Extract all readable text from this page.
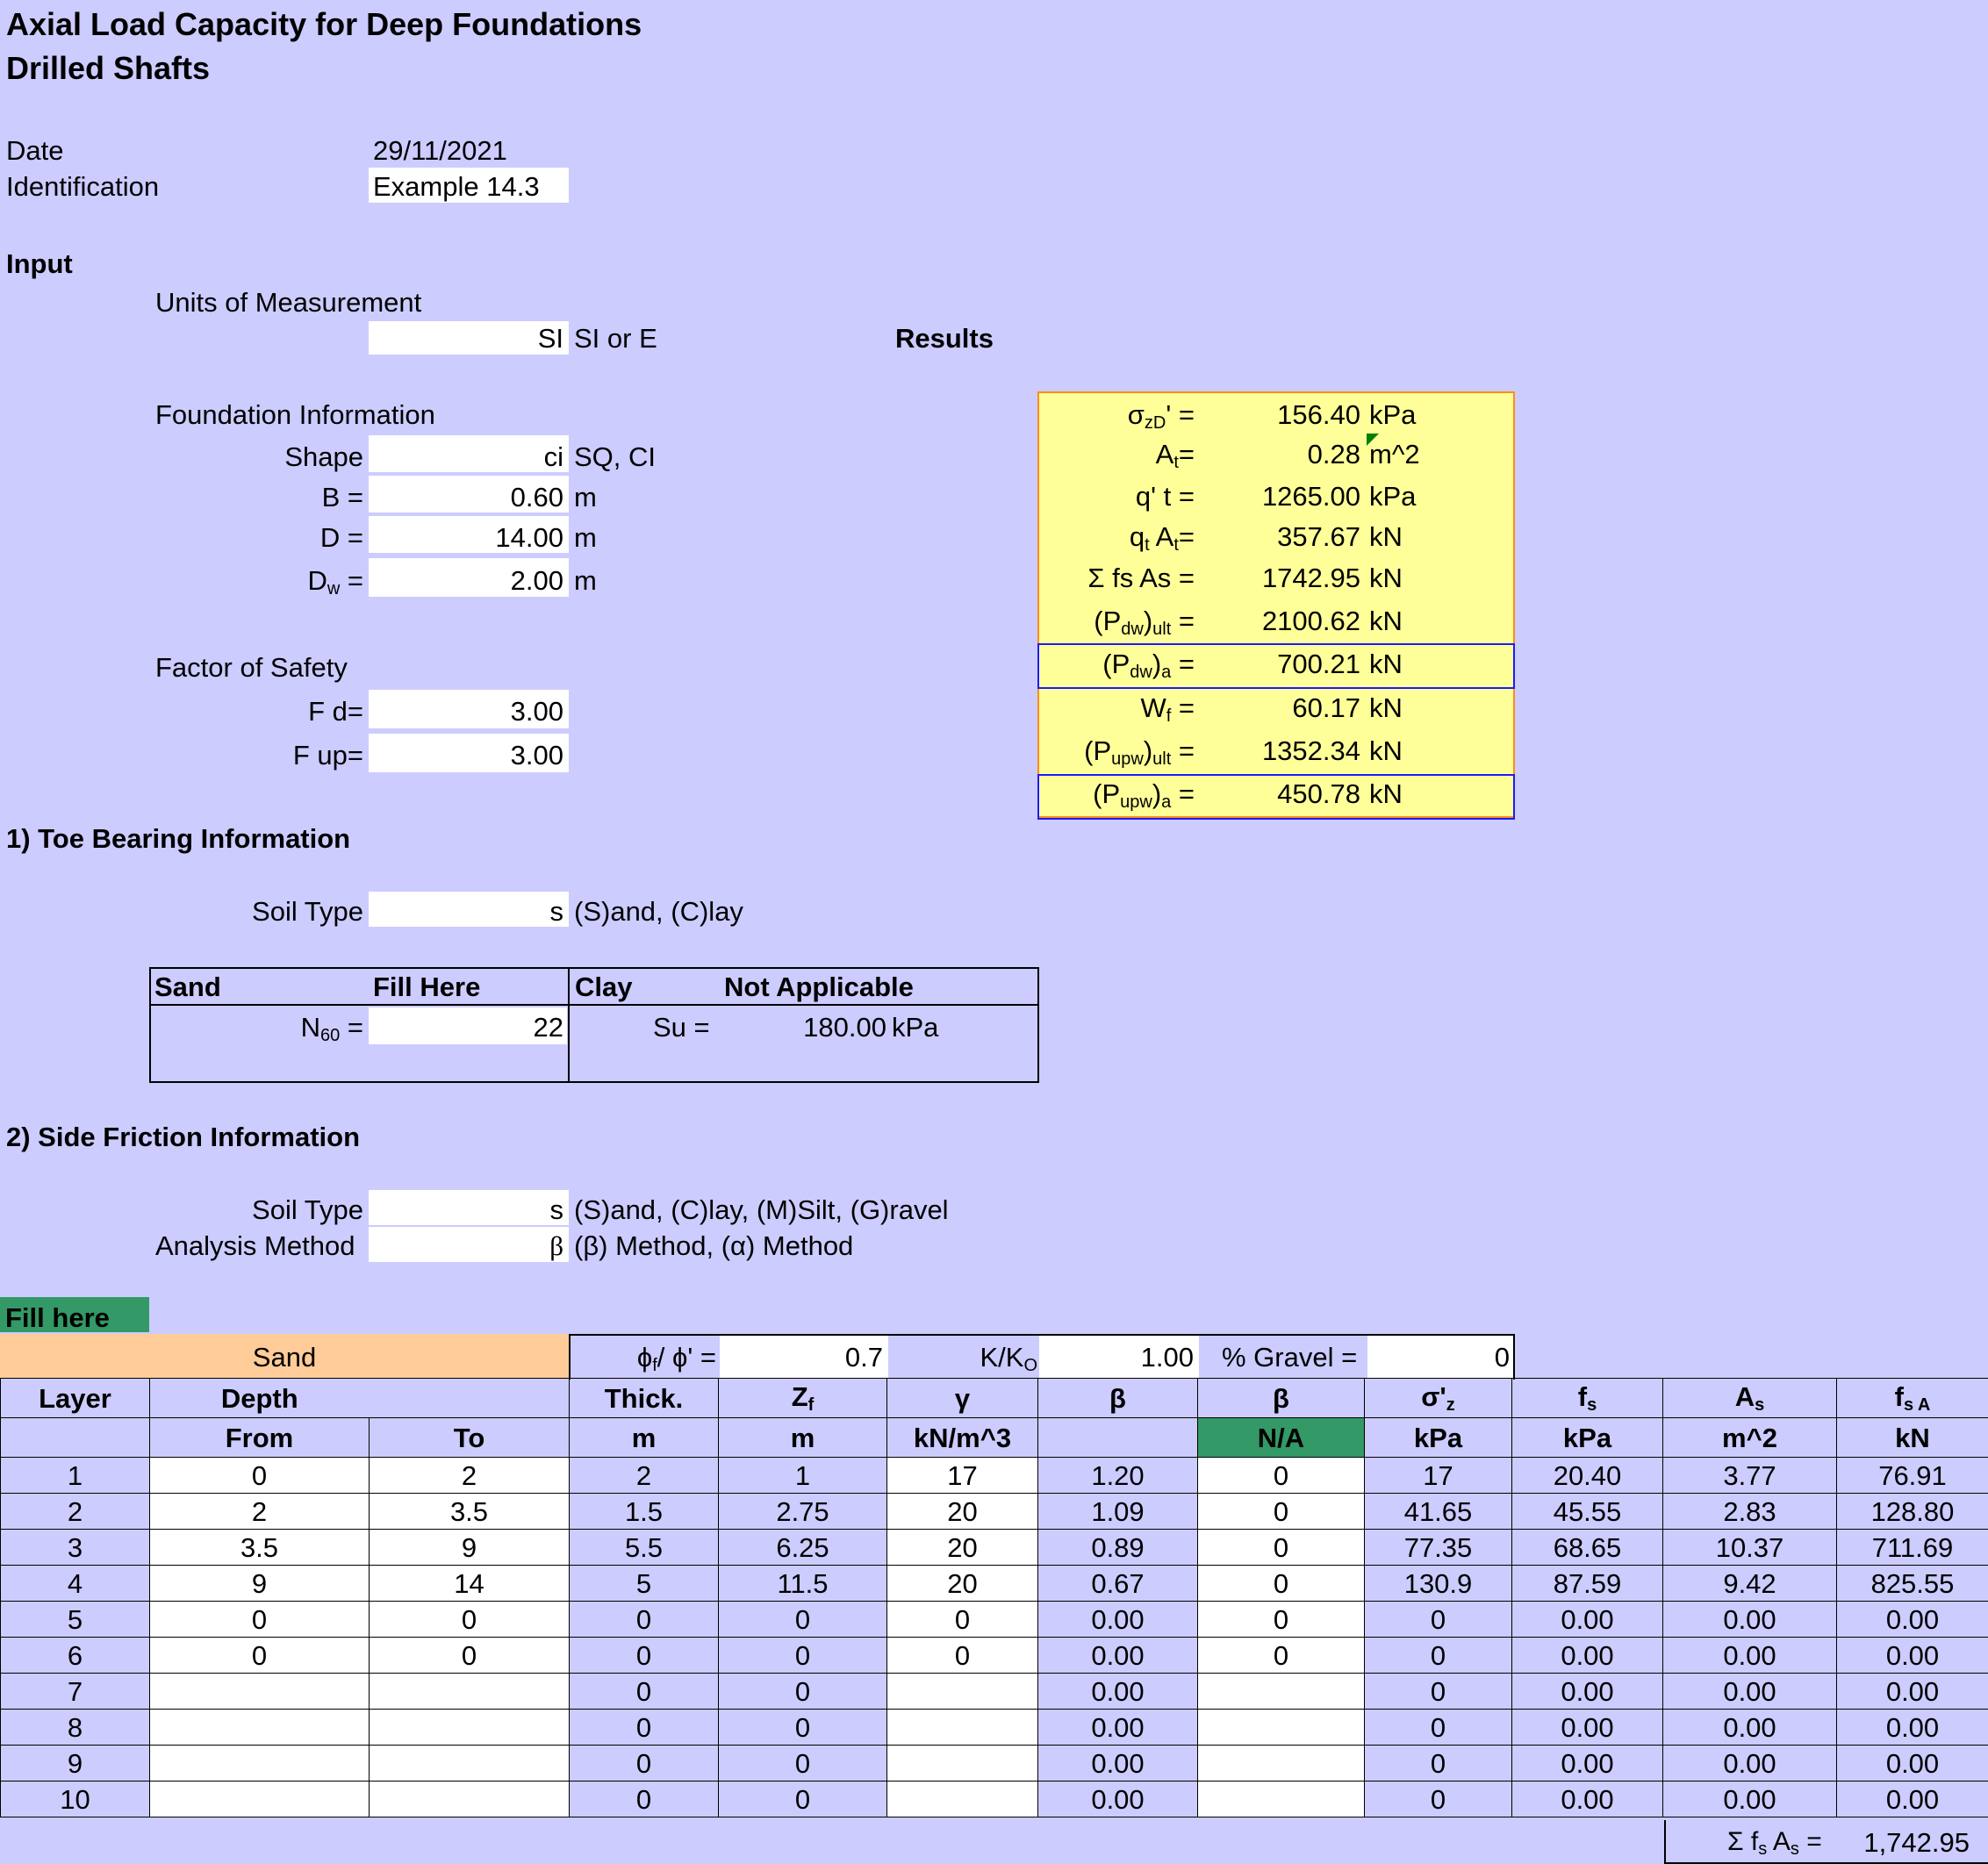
Axial Load Capacity for Deep Foundations
Drilled Shafts
Date	29/11/2021
Identification	Example 14.3
Input
Units of Measurement
SI SI or E	Results
Foundation Information
Shape	ci SQ, CI
B =	0.60 m
D =	14.00 m
$D_w$ =	2.00 m
Factor of Safety
F d=	3.00
F up=	3.00
$\sigma_{zD}'$ =	156.40 kPa
$A_t=$	0.28 m^2
q' t =	1265.00 kPa
$q_t$ $A_t=$	357.67 kN
Σ fs As =	1742.95 kN
$(P_{dw})_{ult}$ =	2100.62 kN
$(P_{dw})_a$ =	700.21 kN
$W_f$ =	60.17 kN
$(P_{upw})_{ult}$ =	1352.34 kN
$(P_{upw})_a$ =	450.78 kN
1) Toe Bearing Information
Soil Type	s (S)and, (C)lay
Sand	Fill Here	Clay	Not Applicable
$N_{60}$ =	22	Su =	180.00 kPa
2) Side Friction Information
Soil Type	s (S)and, (C)lay, (M)Silt, (G)ravel
Analysis Method	β (β) Method, (α) Method
Fill here
Sand	$\phi_f/$ ϕ' =	0.7	$K/K_O$	1.00 % Gravel =	0
Layer	Depth		Thick.	$Z_f$	γ	β	β	$\sigma'_z$	$f_s$	$A_s$	$f_{s A}$
	From	To	m	m	kN/m^3		N/A	kPa	kPa	m^2	kN
1	0	2	2	1	17	1.20	0	17	20.40	3.77	76.91
2	2	3.5	1.5	2.75	20	1.09	0	41.65	45.55	2.83	128.80
3	3.5	9	5.5	6.25	20	0.89	0	77.35	68.65	10.37	711.69
4	9	14	5	11.5	20	0.67	0	130.9	87.59	9.42	825.55
5	0	0	0	0	0	0.00	0	0	0.00	0.00	0.00
6	0	0	0	0	0	0.00	0	0	0.00	0.00	0.00
7			0	0		0.00		0	0.00	0.00	0.00
8			0	0		0.00		0	0.00	0.00	0.00
9			0	0		0.00		0	0.00	0.00	0.00
10			0	0		0.00		0	0.00	0.00	0.00
Σ $f_s$ $A_s$ =	1,742.95
